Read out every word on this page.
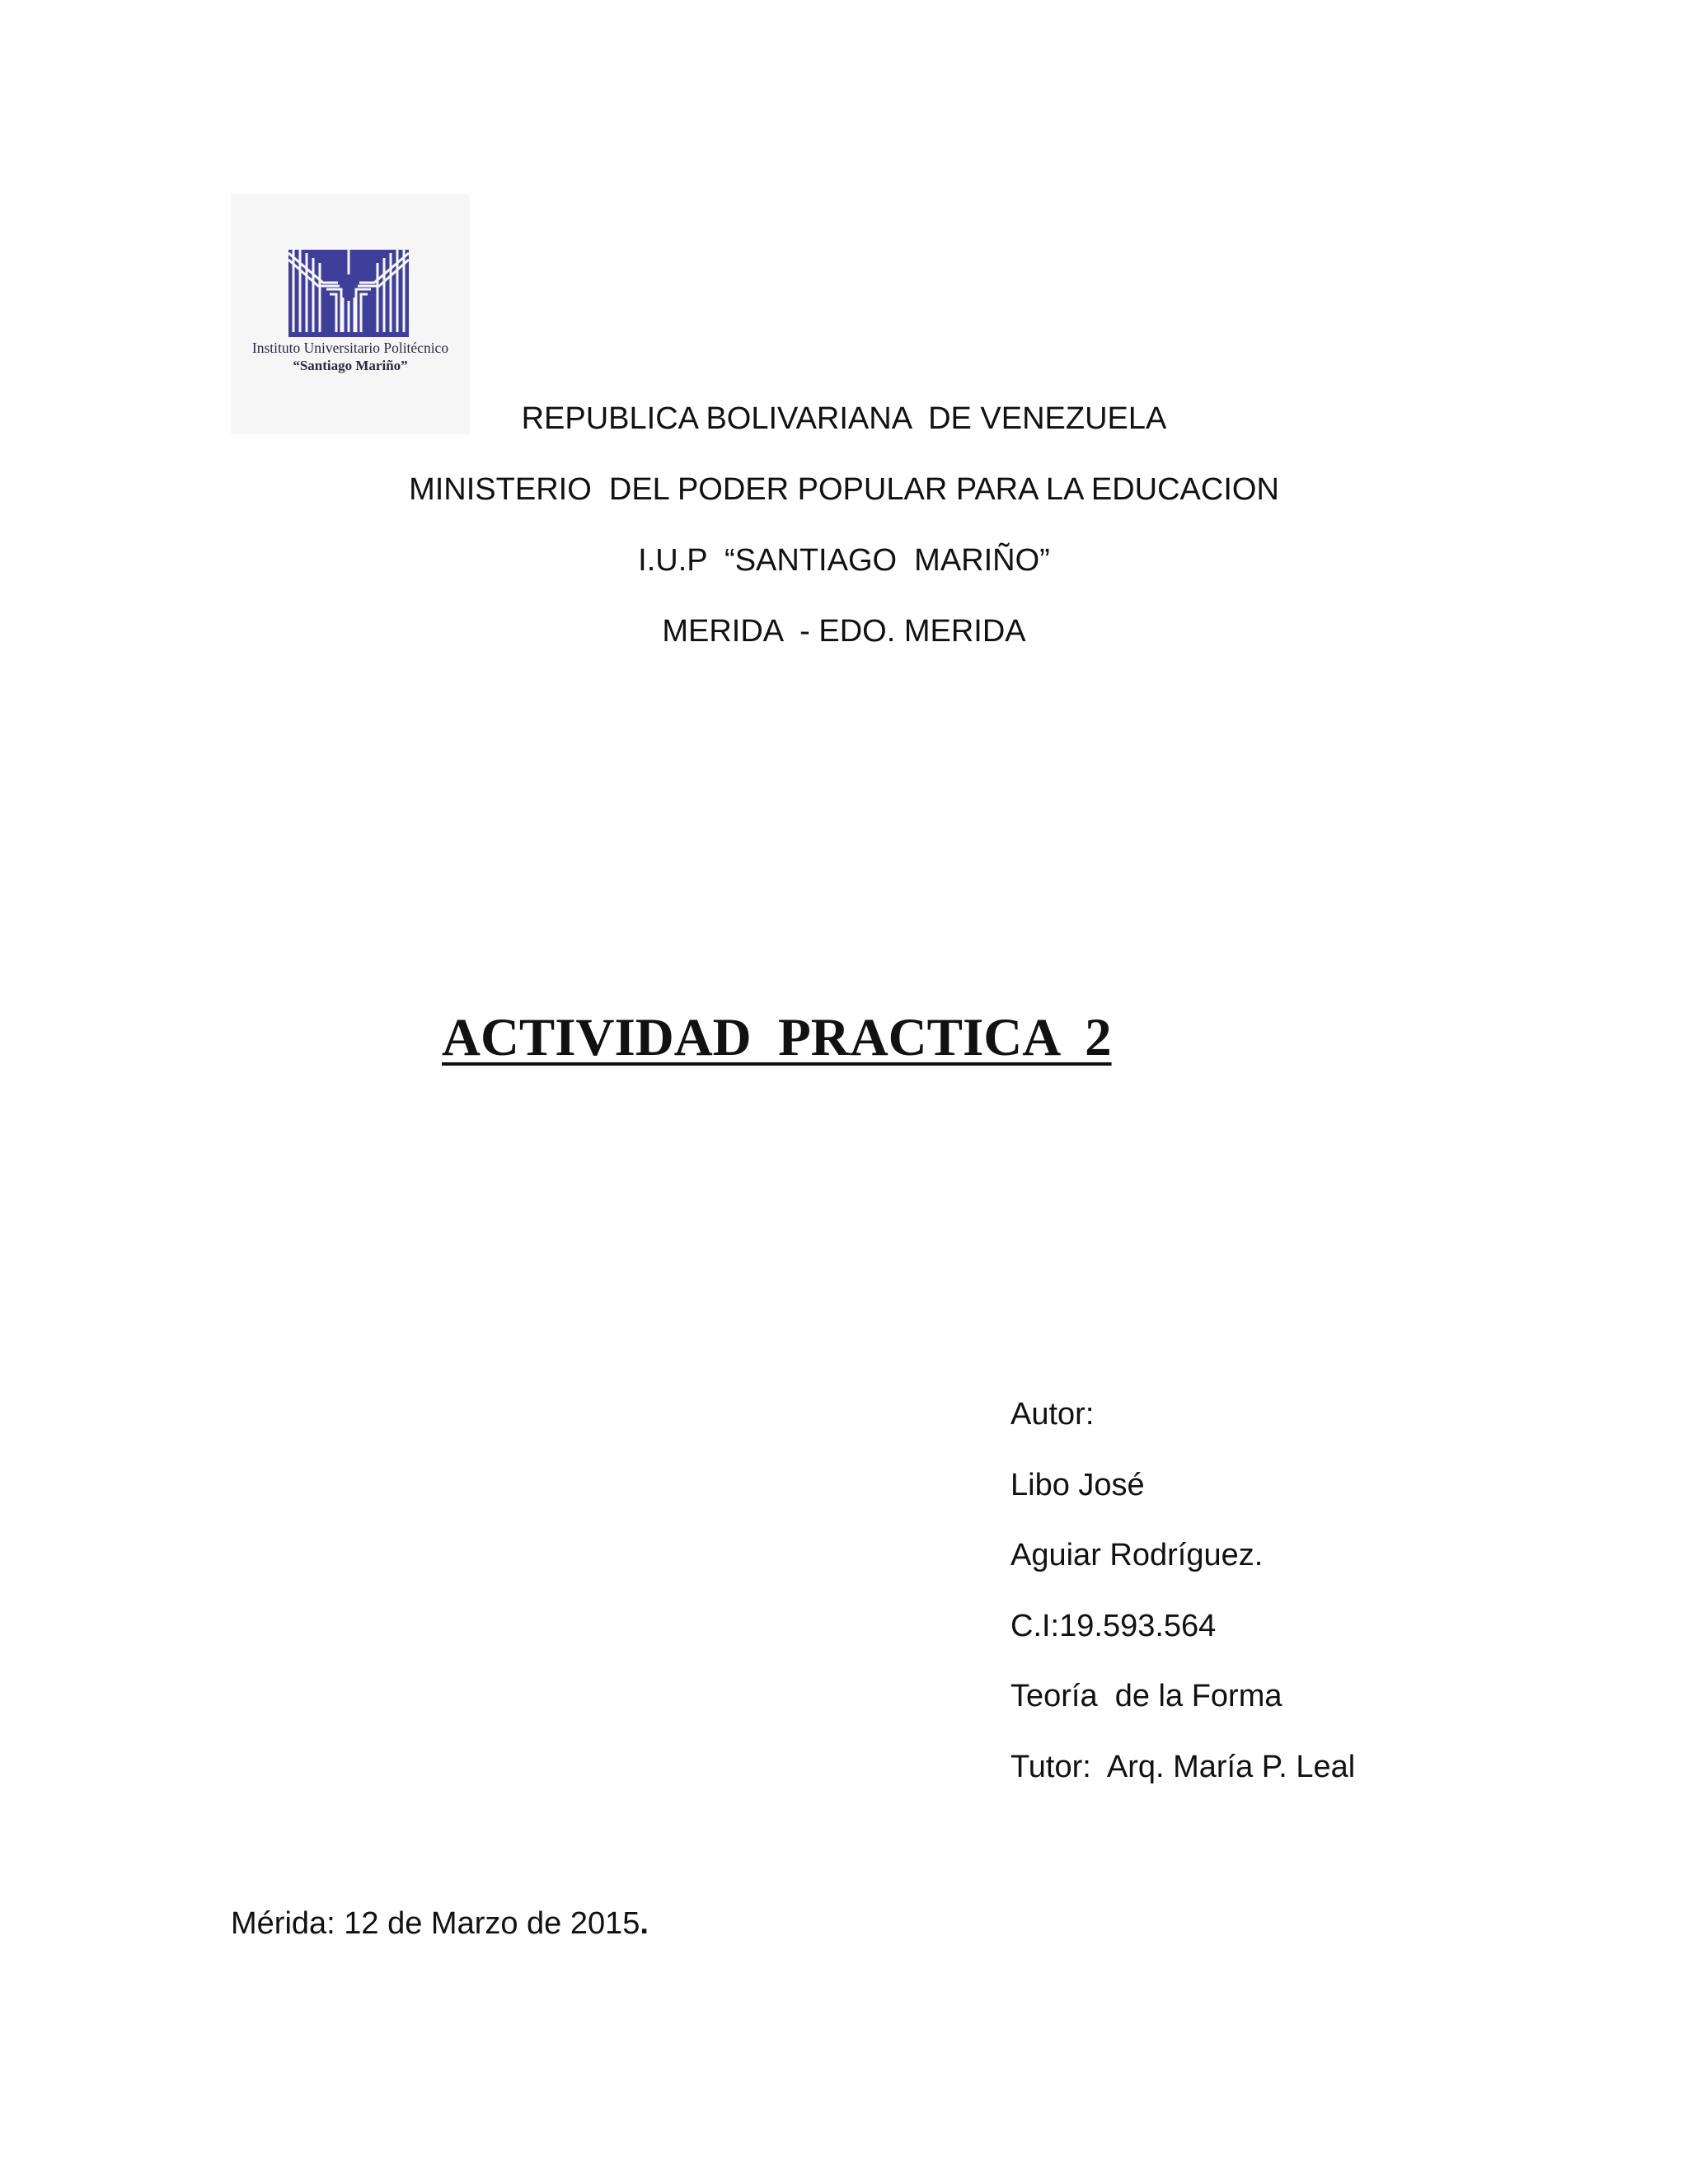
Instituto Universitario Politécnico
“Santiago Mariño”
REPUBLICA BOLIVARIANA  DE VENEZUELA
MINISTERIO  DEL PODER POPULAR PARA LA EDUCACION
I.U.P  “SANTIAGO  MARIÑO”
MERIDA  - EDO. MERIDA
ACTIVIDAD  PRACTICA  2
Autor:
Libo José
Aguiar Rodríguez.
C.I:19.593.564
Teoría  de la Forma
Tutor:  Arq. María P. Leal
Mérida: 12 de Marzo de 2015.
